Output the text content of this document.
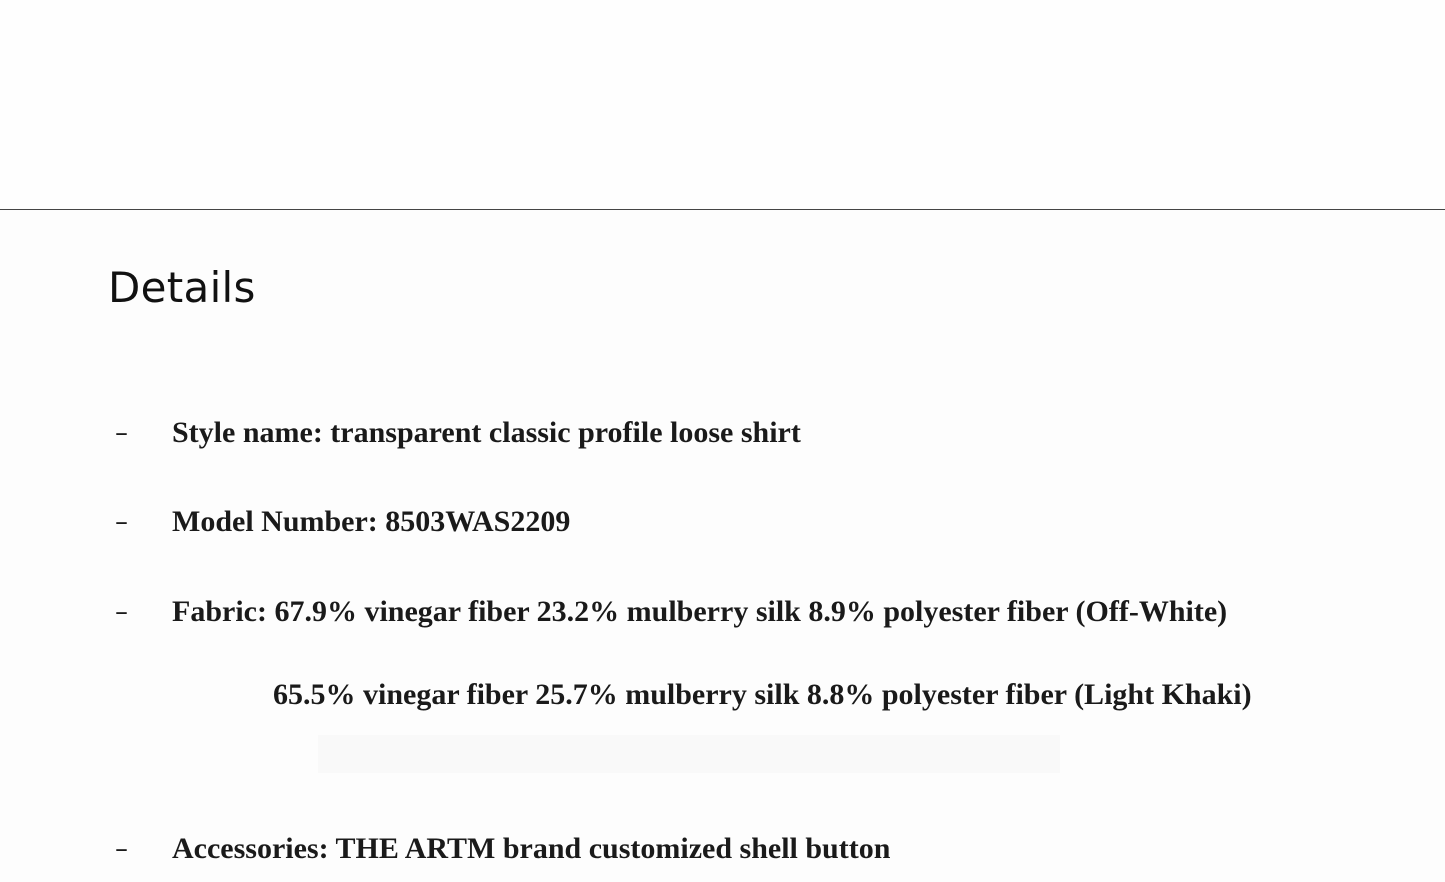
Details
– Style name: transparent classic profile loose shirt
– Model Number: 8503WAS2209
– Fabric: 67.9% vinegar fiber 23.2% mulberry silk 8.9% polyester fiber (Off-White)
65.5% vinegar fiber 25.7% mulberry silk 8.8% polyester fiber (Light Khaki)
– Accessories: THE ARTM brand customized shell button
